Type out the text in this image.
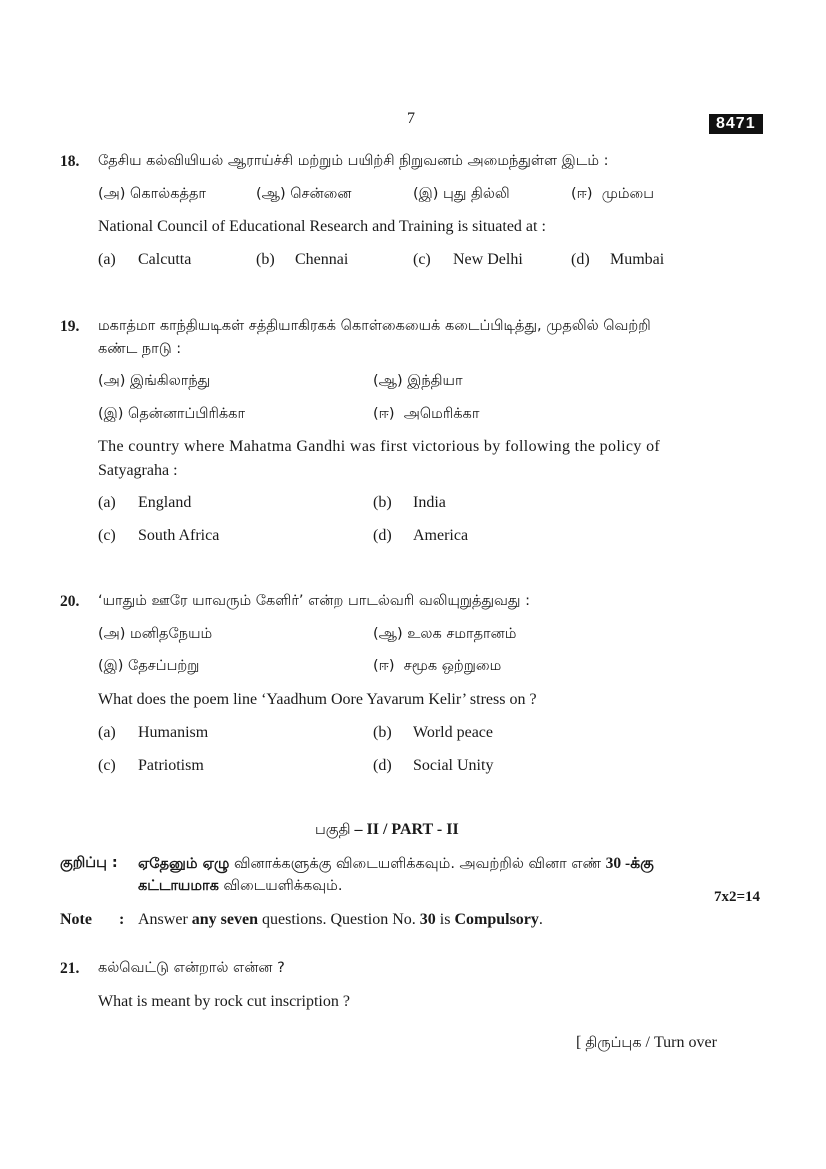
7	8471
18. தேசிய கல்வியியல் ஆராய்ச்சி மற்றும் பயிற்சி நிறுவனம் அமைந்துள்ள இடம் :
(அ) கொல்கத்தா	(ஆ) சென்னை	(இ) புது தில்லி	(ஈ) மும்பை
National Council of Educational Research and Training is situated at :
(a) Calcutta	(b) Chennai	(c) New Delhi	(d) Mumbai
19. மகாத்மா காந்தியடிகள் சத்தியாகிரகக் கொள்கையைக் கடைப்பிடித்து, முதலில் வெற்றி
கண்ட நாடு :
(அ) இங்கிலாந்து	(ஆ) இந்தியா
(இ) தென்னாப்பிரிக்கா	(ஈ) அமெரிக்கா
The country where Mahatma Gandhi was first victorious by following the policy of
Satyagraha :
(a) England	(b) India
(c) South Africa	(d) America
20. ‘யாதும் ஊரே யாவரும் கேளிர்’ என்ற பாடல்வரி வலியுறுத்துவது :
(அ) மனிதநேயம்	(ஆ) உலக சமாதானம்
(இ) தேசப்பற்று	(ஈ) சமூக ஒற்றுமை
What does the poem line ‘Yaadhum Oore Yavarum Kelir’ stress on ?
(a) Humanism	(b) World peace
(c) Patriotism	(d) Social Unity
பகுதி – II / PART - II
குறிப்பு : ஏதேனும் ஏழு வினாக்களுக்கு விடையளிக்கவும். அவற்றில் வினா எண் 30 -க்கு
கட்டாயமாக விடையளிக்கவும்.
7x2=14
Note : Answer any seven questions. Question No. 30 is Compulsory.
21. கல்வெட்டு என்றால் என்ன ?
What is meant by rock cut inscription ?
[ திருப்புக / Turn over
